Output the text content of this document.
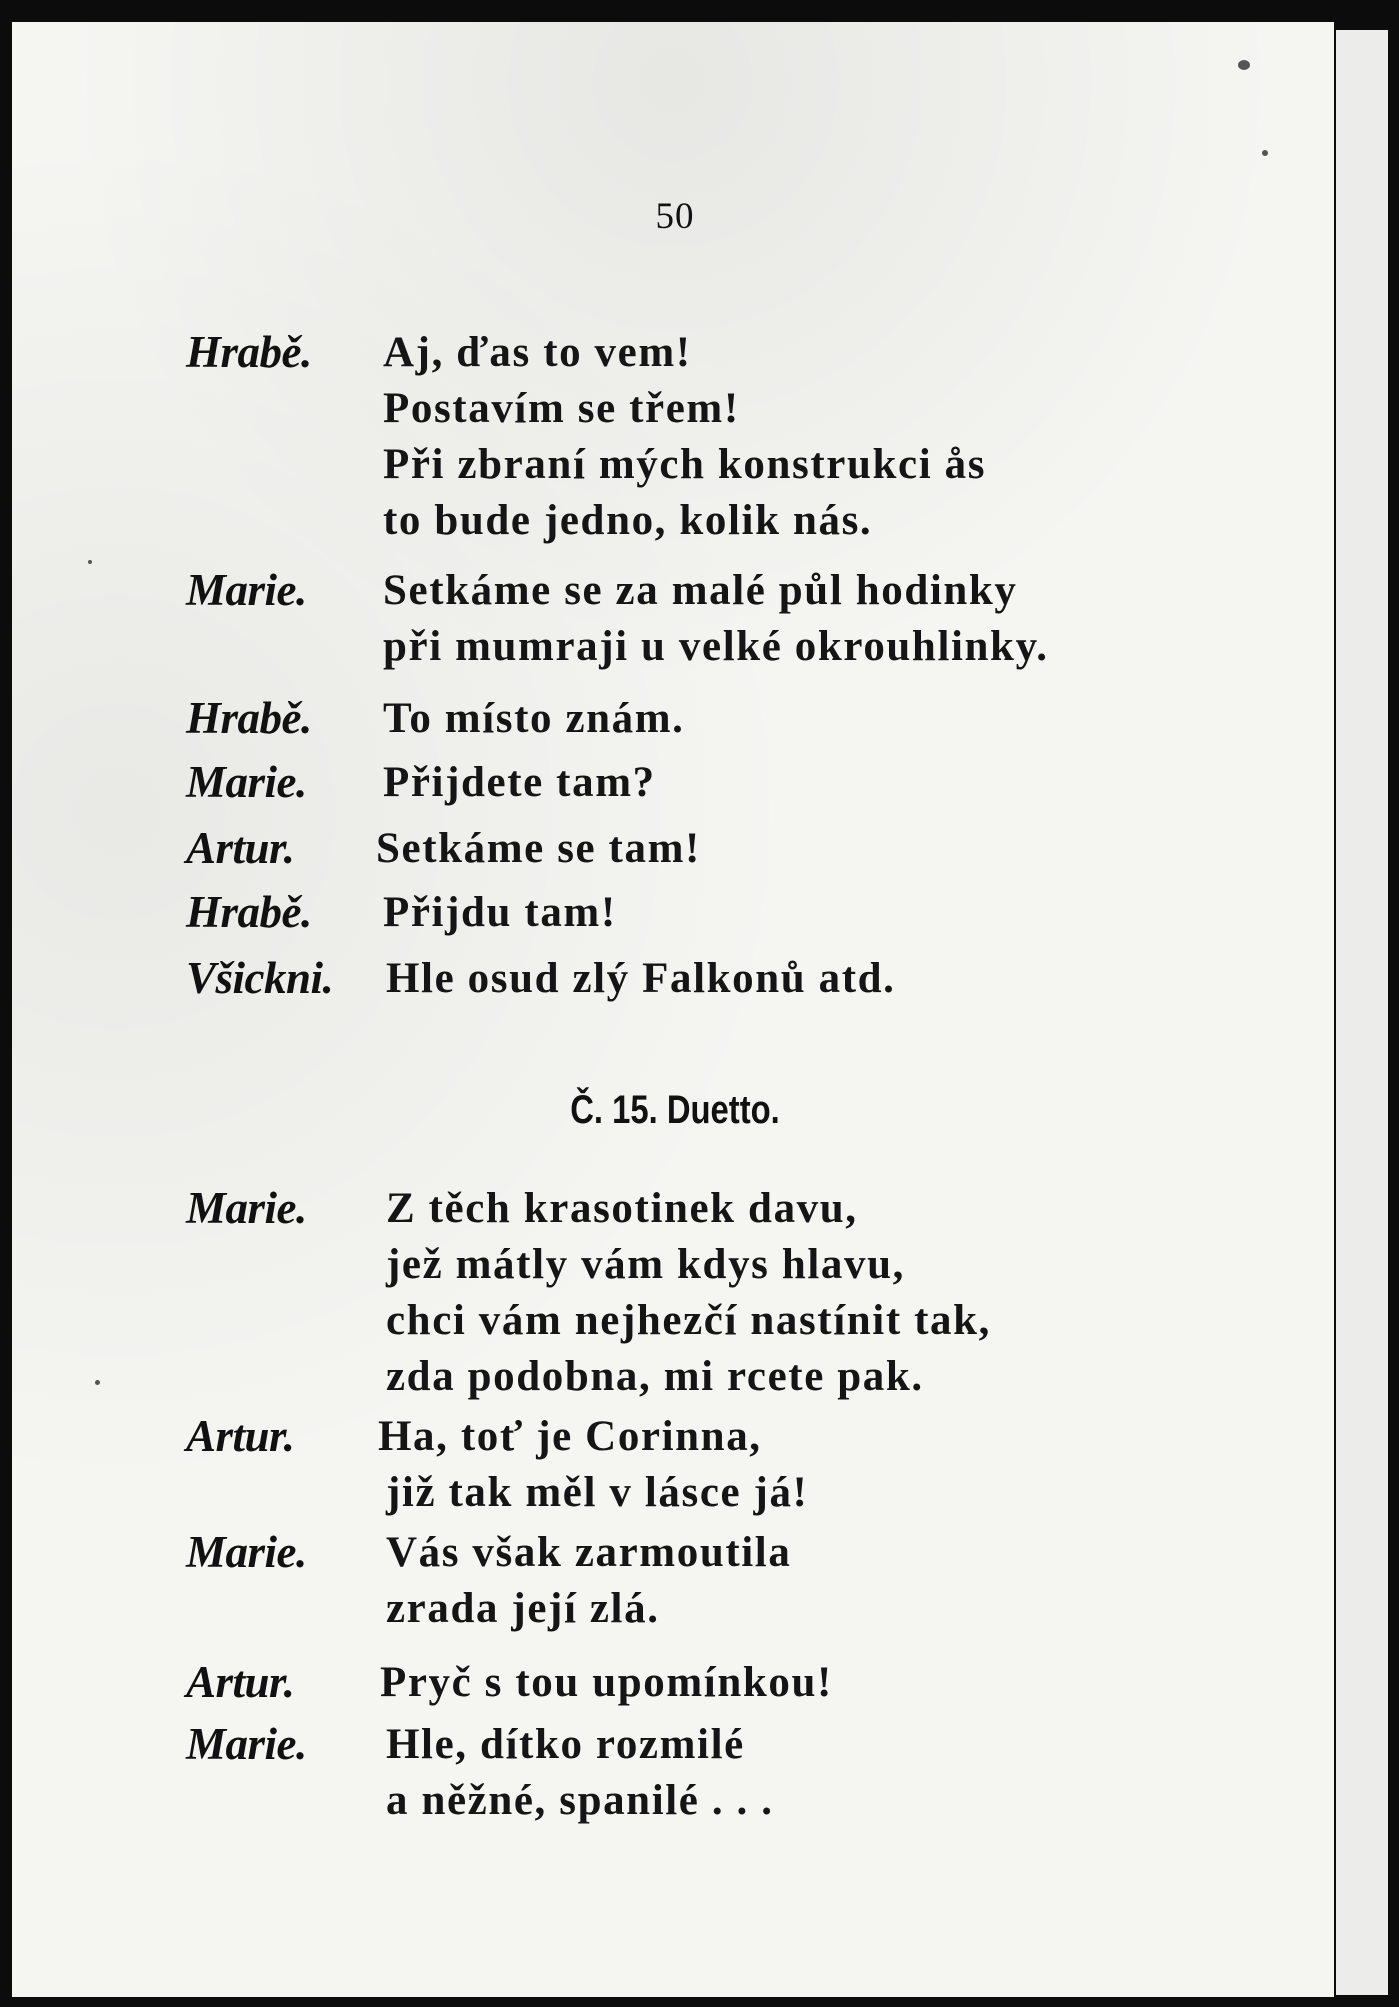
50
Hrabě. Aj, ďas to vem!
Postavím se třem!
Při zbraní mých konstrukci ås
to bude jedno, kolik nás.
Marie. Setkáme se za malé půl hodinky
při mumraji u velké okrouhlinky.
Hrabě. To místo znám.
Marie. Přijdete tam?
Artur. Setkáme se tam!
Hrabě. Přijdu tam!
Všickni. Hle osud zlý Falkonů atd.
Č. 15. Duetto.
Marie. Z těch krasotinek davu,
jež mátly vám kdys hlavu,
chci vám nejhezčí nastínit tak,
zda podobna, mi rcete pak.
Artur. Ha, toť je Corinna,
již tak měl v lásce já!
Marie. Vás však zarmoutila
zrada její zlá.
Artur. Pryč s tou upomínkou!
Marie. Hle, dítko rozmilé
a něžné, spanilé . . .
